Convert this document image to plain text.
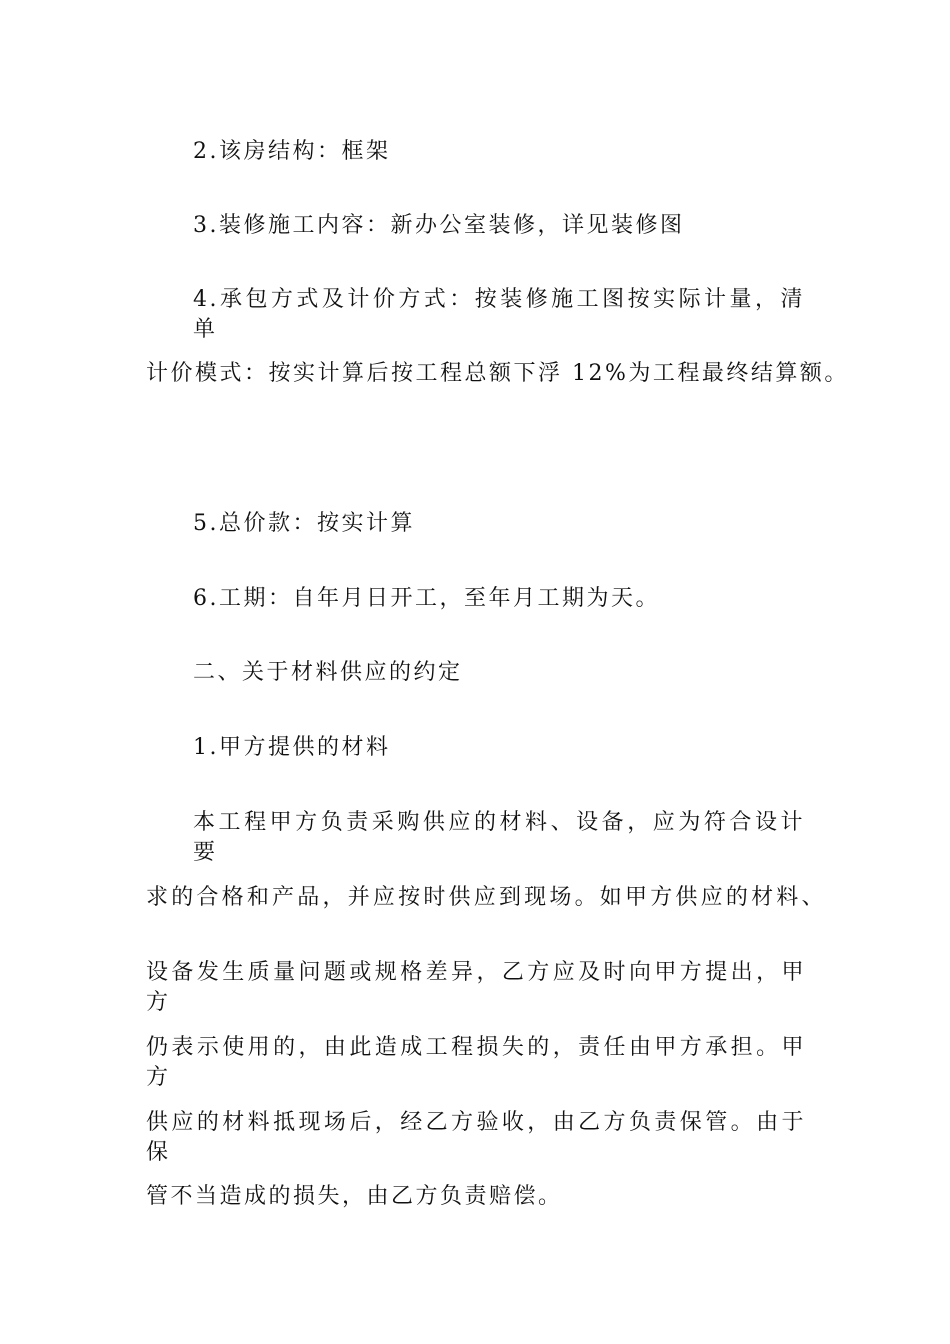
2.该房结构：框架
3.装修施工内容：新办公室装修，详见装修图
4.承包方式及计价方式：按装修施工图按实际计量，清单
计价模式：按实计算后按工程总额下浮 12%为工程最终结算额。
5.总价款：按实计算
6.工期：自年月日开工，至年月工期为天。
二、关于材料供应的约定
1.甲方提供的材料
本工程甲方负责采购供应的材料、设备，应为符合设计要
求的合格和产品，并应按时供应到现场。如甲方供应的材料、
设备发生质量问题或规格差异，乙方应及时向甲方提出，甲方
仍表示使用的，由此造成工程损失的，责任由甲方承担。甲方
供应的材料抵现场后，经乙方验收，由乙方负责保管。由于保
管不当造成的损失，由乙方负责赔偿。
